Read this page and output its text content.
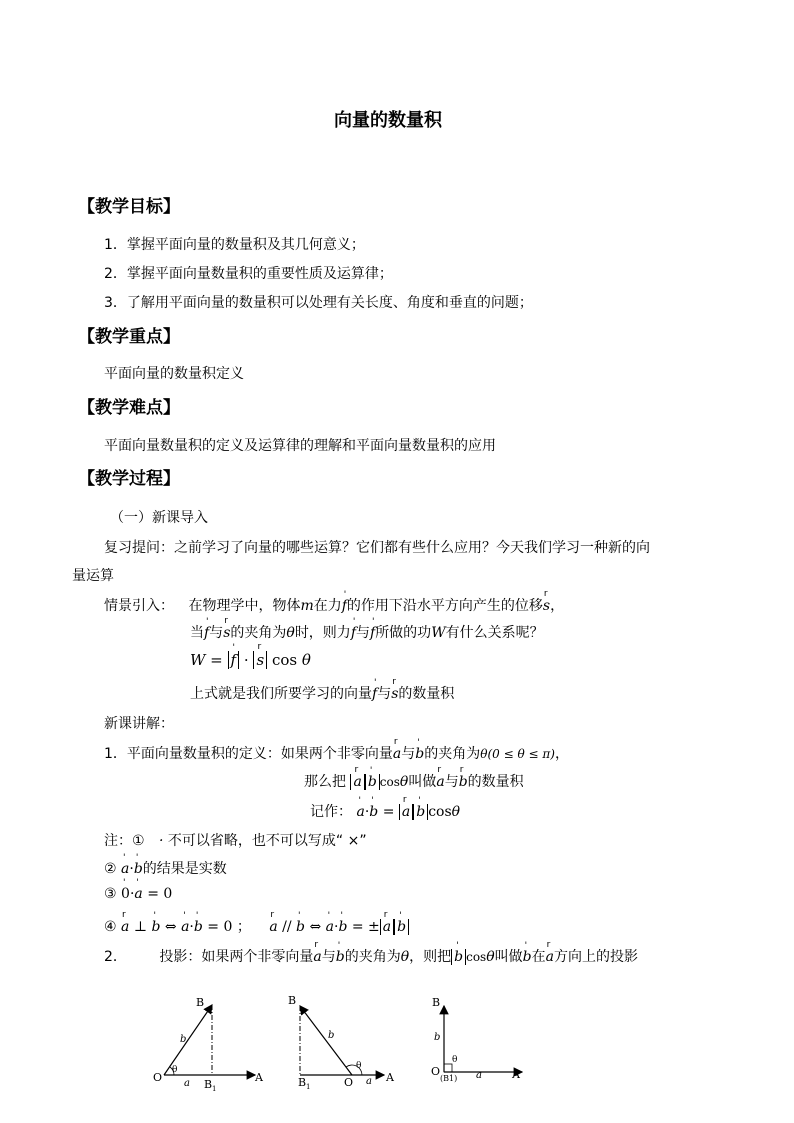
向量的数量积
【教学目标】
1．掌握平面向量的数量积及其几何意义；
2．掌握平面向量数量积的重要性质及运算律；
3．了解用平面向量的数量积可以处理有关长度、角度和垂直的问题；
【教学重点】
平面向量的数量积定义
【教学难点】
平面向量数量积的定义及运算律的理解和平面向量数量积的应用
【教学过程】
（一）新课导入
复习提问：之前学习了向量的哪些运算？它们都有些什么应用？今天我们学习一种新的向
量运算
情景引入： 在物理学中，物体m在力' f的作用下沿水平方向产生的位移r s，
当' f与r s的夹角为θ时，则力' f与' f所做的功W有什么关系呢？
W = ' f · r s cos θ
上式就是我们所要学习的向量' f与r s的数量积
新课讲解：
1．平面向量数量积的定义：如果两个非零向量r a与' b的夹角为θ(0 ≤ θ ≤ π)，
那么把 r a ' b cosθ叫做r a与r b的数量积
记作： ' a·' b = r a ' b cosθ
注：① · 不可以省略，也不可以写成“ ×”
② ' a·' b的结果是实数
③ ' 0·' a = 0
④ r a ⊥ ' b ⇔ ' a·' b = 0 ； r a // ' b ⇔ ' a·' b = ± r a ' b
2． 投影：如果两个非零向量r a与' b的夹角为θ，则把 ' b cosθ叫做' b在r a方向上的投影
B
O	A
B 1
a
b
θ
B
O	A
B 1	a
b
θ
B
O
(B1)	A
a
b
θ
